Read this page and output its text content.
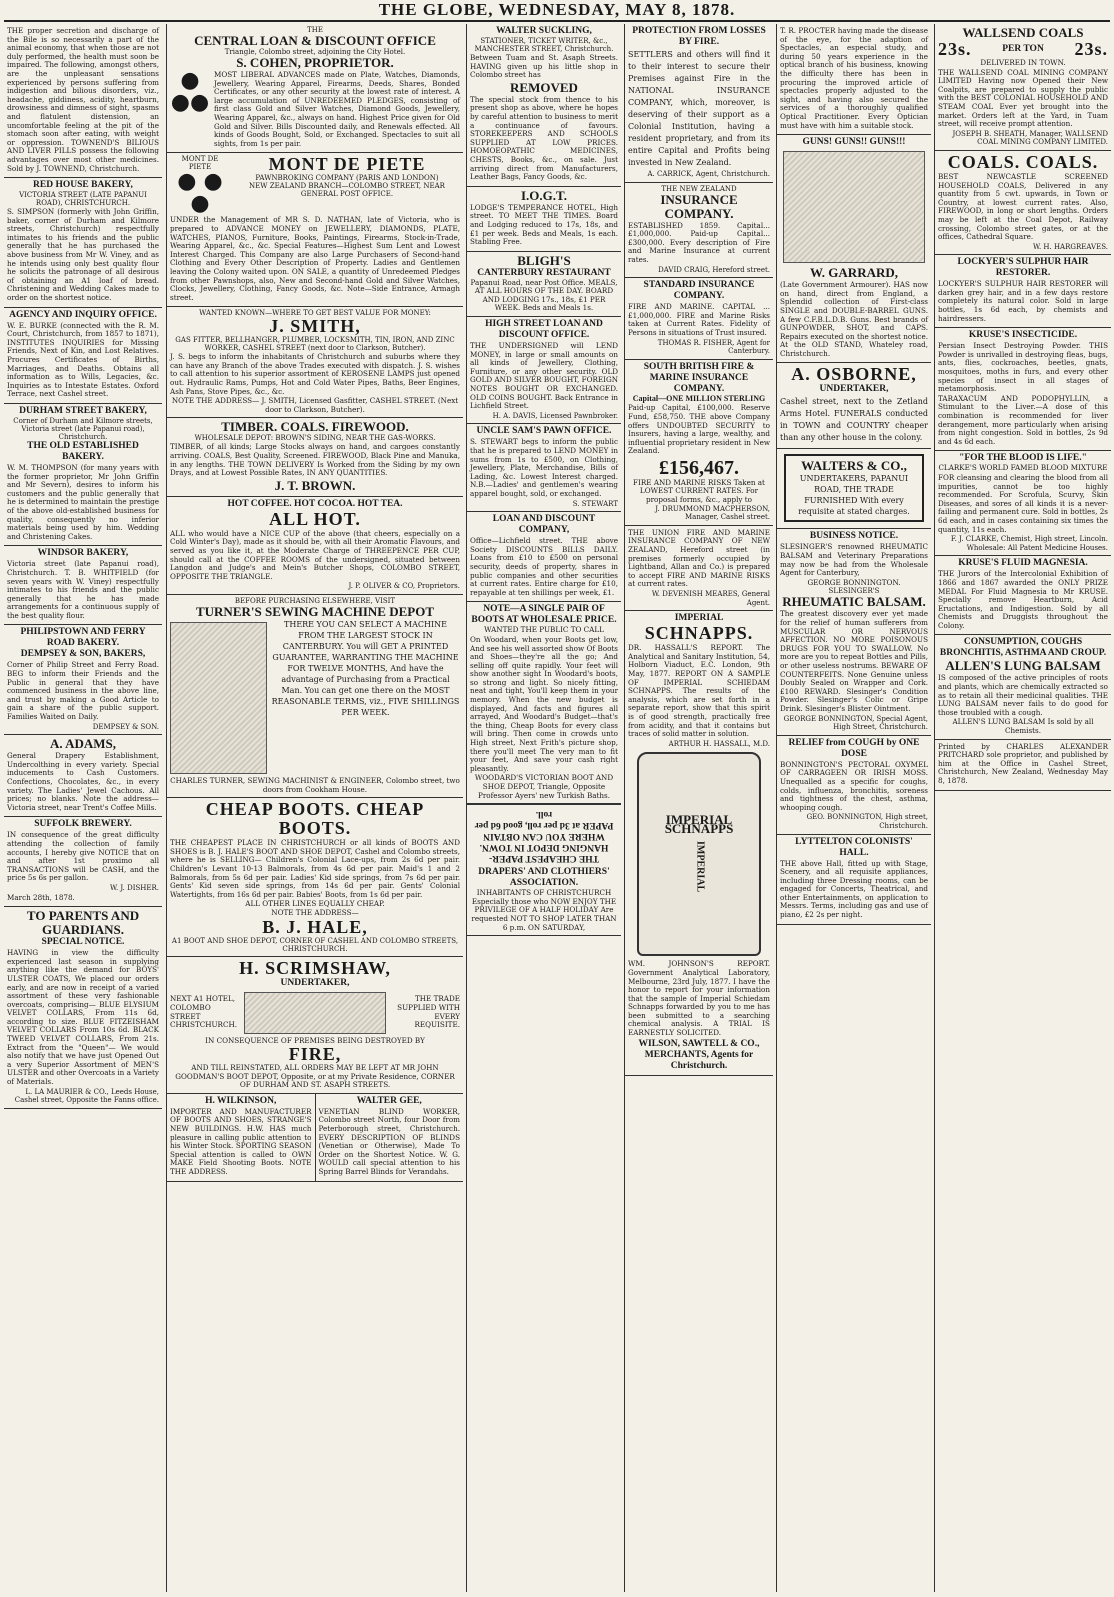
THE GLOBE, WEDNESDAY, MAY 8, 1878.
THE proper secretion and discharge of the Bile is so necessarily a part of the animal economy, that when those are not duly performed, the health must soon be impaired. The following, amongst others, are the unpleasant sensations experienced by persons suffering from indigestion and bilious disorders, viz., headache, giddiness, acidity, heartburn, drowsiness and dimness of sight, spasms and flatulent distension, an uncomfortable feeling at the pit of the stomach soon after eating, with weight or oppression. TOWNEND'S BILIOUS AND LIVER PILLS possess the following advantages over most other medicines. Sold by J. TOWNEND, Christchurch.
RED HOUSE BAKERY,
VICTORIA STREET (LATE PAPANUI ROAD), CHRISTCHURCH.
S. SIMPSON (formerly with John Griffin, baker, corner of Durham and Kilmore streets, Christchurch) respectfully intimates to his friends and the public generally that he has purchased the above business from Mr W. Viney, and as he intends using only best quality flour he solicits the patronage of all desirous of obtaining an A1 loaf of bread. Christening and Wedding Cakes made to order on the shortest notice.
AGENCY AND INQUIRY OFFICE.
W. E. BURKE (connected with the R. M. Court, Christchurch, from 1857 to 1871), INSTITUTES INQUIRIES for Missing Friends, Next of Kin, and Lost Relatives. Procures Certificates of Births, Marriages, and Deaths. Obtains all information as to Wills, Legacies, &c. Inquiries as to Intestate Estates. Oxford Terrace, next Cashel street.
DURHAM STREET BAKERY,
Corner of Durham and Kilmore streets, Victoria street (late Papanui road), Christchurch.
THE OLD ESTABLISHED BAKERY.
W. M. THOMPSON (for many years with the former proprietor, Mr John Griffin and Mr Severn), desires to inform his customers and the public generally that he is determined to maintain the prestige of the above old-established business for quality, consequently no inferior materials being used by him. Wedding and Christening Cakes.
WINDSOR BAKERY,
Victoria street (late Papanui road), Christchurch. T. B. WHITFIELD (for seven years with W. Viney) respectfully intimates to his friends and the public generally that he has made arrangements for a continuous supply of the best quality flour.
PHILIPSTOWN AND FERRY ROAD BAKERY.
DEMPSEY & SON, BAKERS,
Corner of Philip Street and Ferry Road. BEG to inform their Friends and the Public in general that they have commenced business in the above line, and trust by making a Good Article to gain a share of the public support. Families Waited on Daily.
DEMPSEY & SON.
A. ADAMS,
General Drapery Establishment, Undercolthing in every variety. Special inducements to Cash Customers. Confections, Chocolates, &c., in every variety. The Ladies' Jewel Cachous. All prices; no blanks. Note the address—Victoria street, near Trent's Coffee Mills.
SUFFOLK BREWERY.
IN consequence of the great difficulty attending the collection of family accounts, I hereby give NOTICE that on and after 1st proximo all TRANSACTIONS will be CASH, and the price 5s 6s per gallon.
W. J. DISHER.
March 28th, 1878.
TO PARENTS AND GUARDIANS.
SPECIAL NOTICE.
HAVING in view the difficulty experienced last season in supplying anything like the demand for BOYS' ULSTER COATS, We placed our orders early, and are now in receipt of a varied assortment of these very fashionable overcoats, comprising— BLUE ELYSIUM VELVET COLLARS, From 11s 6d, according to size. BLUE FITZEISHAM VELVET COLLARS From 10s 6d. BLACK TWEED VELVET COLLARS, From 21s. Extract from the "Queen"— We would also notify that we have just Opened Out a very Superior Assortment of MEN'S ULSTER and other Overcoats in a Variety of Materials.
L. LA MAURIER & CO., Leeds House, Cashel street, Opposite the Fanns office.
THE
CENTRAL LOAN & DISCOUNT OFFICE
Triangle, Colombo street, adjoining the City Hotel.
S. COHEN, PROPRIETOR.
●
●●
MOST LIBERAL ADVANCES made on Plate, Watches, Diamonds, Jewellery, Wearing Apparel, Firearms, Deeds, Shares, Bonded Certificates, or any other security at the lowest rate of interest. A large accumulation of UNREDEEMED PLEDGES, consisting of first class Gold and Silver Watches, Diamond Goods, Jewellery, Wearing Apparel, &c., always on hand. Highest Price given for Old Gold and Silver. Bills Discounted daily, and Renewals effected. All kinds of Goods Bought, Sold, or Exchanged. Spectacles to suit all sights, from 1s per pair.
MONT DE PIETE
● ● ●
MONT DE PIETE
PAWNBROKING COMPANY (PARIS AND LONDON)
NEW ZEALAND BRANCH—COLOMBO STREET, NEAR GENERAL POST OFFICE.
UNDER the Management of MR S. D. NATHAN, late of Victoria, who is prepared to ADVANCE MONEY on JEWELLERY, DIAMONDS, PLATE, WATCHES, PIANOS, Furniture, Books, Paintings, Firearms, Stock-in-Trade, Wearing Apparel, &c., &c. Special Features—Highest Sum Lent and Lowest Interest Charged. This Company are also Large Purchasers of Second-hand Clothing and Every Other Description of Property. Ladies and Gentlemen leaving the Colony waited upon. ON SALE, a quantity of Unredeemed Pledges from other Pawnshops, also, New and Second-hand Gold and Silver Watches, Clocks, Jewellery, Clothing, Fancy Goods, &c. Note—Side Entrance, Armagh street.
WANTED KNOWN—WHERE TO GET BEST VALUE FOR MONEY:
J. SMITH,
GAS FITTER, BELLHANGER, PLUMBER, LOCKSMITH, TIN, IRON, AND ZINC WORKER, CASHEL STREET (next door to Clarkson, Butcher).
J. S. begs to inform the inhabitants of Christchurch and suburbs where they can have any Branch of the above Trades executed with dispatch. J. S. wishes to call attention to his superior assortment of KEROSENE LAMPS just opened out. Hydraulic Rams, Pumps, Hot and Cold Water Pipes, Baths, Beer Engines, Ash Pans, Stove Pipes, &c., &c.
NOTE THE ADDRESS— J. SMITH, Licensed Gasfitter, CASHEL STREET. (Next door to Clarkson, Butcher).
TIMBER. COALS. FIREWOOD.
WHOLESALE DEPOT: BROWN'S SIDING, NEAR THE GAS-WORKS.
TIMBER, of all kinds; Large Stocks always on hand, and cargoes constantly arriving. COALS, Best Quality, Screened. FIREWOOD, Black Pine and Manuka, in any lengths. THE TOWN DELIVERY Is Worked from the Siding by my own Drays, and at Lowest Possible Rates, IN ANY QUANTITIES.
J. T. BROWN.
HOT COFFEE. HOT COCOA. HOT TEA.
ALL HOT.
ALL who would have a NICE CUP of the above (that cheers, especially on a Cold Winter's Day), made as it should be, with all their Aromatic Flavours, and served as you like it, at the Moderate Charge of THREEPENCE PER CUP, should call at the COFFEE ROOMS of the undersigned, situated between Langdon and Judge's and Mein's Butcher Shops, COLOMBO STREET, OPPOSITE THE TRIANGLE.
J. P. OLIVER & CO, Proprietors.
BEFORE PURCHASING ELSEWHERE, VISIT
TURNER'S SEWING MACHINE DEPOT
THERE YOU CAN SELECT A MACHINE FROM THE LARGEST STOCK IN CANTERBURY. You will GET A PRINTED GUARANTEE, WARRANTING THE MACHINE FOR TWELVE MONTHS, And have the advantage of Purchasing from a Practical Man. You can get one there on the MOST REASONABLE TERMS, viz., FIVE SHILLINGS PER WEEK.
CHARLES TURNER, SEWING MACHINIST & ENGINEER, Colombo street, two doors from Cookham House.
CHEAP BOOTS. CHEAP BOOTS.
THE CHEAPEST PLACE IN CHRISTCHURCH or all kinds of BOOTS AND SHOES is B. J. HALE'S BOOT AND SHOE DEPOT, Cashel and Colombo streets, where he is SELLING— Children's Colonial Lace-ups, from 2s 6d per pair. Children's Levant 10-13 Balmorals, from 4s 6d per pair. Maid's 1 and 2 Balmorals, from 5s 6d per pair. Ladies' Kid side springs, from 7s 6d per pair. Gents' Kid seven side springs, from 14s 6d per pair. Gents' Colonial Watertights, from 16s 6d per pair. Babies' Boots, from 1s 6d per pair.
ALL OTHER LINES EQUALLY CHEAP.
NOTE THE ADDRESS—
B. J. HALE,
A1 BOOT AND SHOE DEPOT, CORNER OF CASHEL AND COLOMBO STREETS, CHRISTCHURCH.
H. SCRIMSHAW,
UNDERTAKER,
NEXT A1 HOTEL, COLOMBO STREET CHRISTCHURCH.
THE TRADE SUPPLIED WITH EVERY REQUISITE.
IN CONSEQUENCE OF PREMISES BEING DESTROYED BY
FIRE,
AND TILL REINSTATED, ALL ORDERS MAY BE LEFT AT MR JOHN GOODMAN'S BOOT DEPOT, Opposite, or at my Private Residence, CORNER OF DURHAM AND ST. ASAPH STREETS.
H. WILKINSON,
IMPORTER AND MANUFACTURER OF BOOTS AND SHOES, STRANGE'S NEW BUILDINGS. H.W. HAS much pleasure in calling public attention to his Winter Stock. SPORTING SEASON Special attention is called to OWN MAKE Field Shooting Boots. NOTE THE ADDRESS.
WALTER GEE,
VENETIAN BLIND WORKER, Colombo street North, four Door from Peterborough street, Christchurch. EVERY DESCRIPTION OF BLINDS (Venetian or Otherwise), Made To Order on the Shortest Notice. W. G. WOULD call special attention to his Spring Barrel Blinds for Verandahs.
WALTER SUCKLING,
STATIONER, TICKET WRITER, &c., MANCHESTER STREET, Christchurch.
Between Tuam and St. Asaph Streets. HAVING given up his little shop in Colombo street has
REMOVED
The special stock from thence to his present shop as above, where he hopes by careful attention to business to merit a continuance of favours. STOREKEEPERS AND SCHOOLS SUPPLIED AT LOW PRICES. HOMOEOPATHIC MEDICINES, CHESTS, Books, &c., on sale. Just arriving direct from Manufacturers, Leather Bags, Fancy Goods, &c.
I.O.G.T.
LODGE'S TEMPERANCE HOTEL, High street. TO MEET THE TIMES. Board and Lodging reduced to 17s, 18s, and £1 per week. Beds and Meals, 1s each. Stabling Free.
BLIGH'S
CANTERBURY RESTAURANT
Papanui Road, near Post Office. MEALS, AT ALL HOURS OF THE DAY. BOARD AND LODGING 17s., 18s, £1 PER WEEK. Beds and Meals 1s.
HIGH STREET LOAN AND DISCOUNT OFFICE.
THE UNDERSIGNED will LEND MONEY, in large or small amounts on all kinds of Jewellery, Clothing, Furniture, or any other security. OLD GOLD AND SILVER BOUGHT, FOREIGN NOTES BOUGHT OR EXCHANGED. OLD COINS BOUGHT. Back Entrance in Lichfield Street.
H. A. DAVIS, Licensed Pawnbroker.
UNCLE SAM'S PAWN OFFICE.
S. STEWART begs to inform the public that he is prepared to LEND MONEY in sums from 1s to £500, on Clothing, Jewellery, Plate, Merchandise, Bills of Lading, &c. Lowest Interest charged. N.B.—Ladies' and gentlemen's wearing apparel bought, sold, or exchanged.
S. STEWART
LOAN AND DISCOUNT COMPANY,
Office—Lichfield street. THE above Society DISCOUNTS BILLS DAILY. Loans from £10 to £500 on personal security, deeds of property, shares in public companies and other securities at current rates. Entire charge for £10, repayable at ten shillings per week, £1.
NOTE—A SINGLE PAIR OF BOOTS AT WHOLESALE PRICE.
WANTED THE PUBLIC TO CALL
On Woodard, when your Boots get low, And see his well assorted show Of Boots and Shoes—they're all the go; And selling off quite rapidly. Your feet will show another sight In Woodard's boots, so strong and light. So nicely fitting, neat and tight, You'll keep them in your memory. When the new budget is displayed, And facts and figures all arrayed, And Woodard's Budget—that's the thing, Cheap Boots for every class will bring. Then come in crowds unto High street, Next Frith's picture shop, there you'll meet The very man to fit your feet, And save your cash right pleasantly.
WOODARD'S VICTORIAN BOOT AND SHOE DEPOT, Triangle, Opposite Professor Ayers' new Turkish Baths.
THE CHEAPEST PAPER-HANGING DEPOT IN TOWN. WHERE YOU CAN OBTAIN PAPER at 3d per roll, good 6d per roll.
DRAPERS' AND CLOTHIERS' ASSOCIATION.
INHABITANTS OF CHRISTCHURCH Especially those who NOW ENJOY THE PRIVILEGE OF A HALF HOLIDAY Are requested NOT TO SHOP LATER THAN 6 p.m. ON SATURDAY,
PROTECTION FROM LOSSES BY FIRE.
SETTLERS and others will find it to their interest to secure their Premises against Fire in the NATIONAL INSURANCE COMPANY, which, moreover, is deserving of their support as a Colonial Institution, having a resident proprietary, and from its entire Capital and Profits being invested in New Zealand.
A. CARRICK, Agent, Christchurch.
THE NEW ZEALAND
INSURANCE COMPANY.
ESTABLISHED 1859. Capital... £1,000,000. Paid-up Capital... £300,000. Every description of Fire and Marine Insurance at current rates.
DAVID CRAIG, Hereford street.
STANDARD INSURANCE COMPANY.
FIRE AND MARINE. CAPITAL ... £1,000,000. FIRE and Marine Risks taken at Current Rates. Fidelity of Persons in situations of Trust insured.
THOMAS R. FISHER, Agent for Canterbury.
SOUTH BRITISH FIRE & MARINE INSURANCE COMPANY.
Capital—ONE MILLION STERLING
Paid-up Capital, £100,000. Reserve Fund, £58,750. THE above Company offers UNDOUBTED SECURITY to Insurers, having a large, wealthy, and influential proprietary resident in New Zealand.
£156,467.
FIRE AND MARINE RISKS Taken at LOWEST CURRENT RATES. For proposal forms, &c., apply to
J. DRUMMOND MACPHERSON, Manager, Cashel street.
THE UNION FIRE AND MARINE INSURANCE COMPANY OF NEW ZEALAND, Hereford street (in premises formerly occupied by Lightband, Allan and Co.) is prepared to accept FIRE AND MARINE RISKS at current rates.
W. DEVENISH MEARES, General Agent.
IMPERIAL
SCHNAPPS.
DR. HASSALL'S REPORT. The Analytical and Sanitary Institution, 54, Holborn Viaduct, E.C. London, 9th May, 1877. REPORT ON A SAMPLE OF IMPERIAL SCHIEDAM SCHNAPPS. The results of the analysis, which are set forth in a separate report, show that this spirit is of good strength, practically free from acidity, and that it contains but traces of solid matter in solution.
ARTHUR H. HASSALL, M.D.
IMPERIAL SCHNAPPS
IMPERIAL
WM. JOHNSON'S REPORT. Government Analytical Laboratory, Melbourne, 23rd July, 1877. I have the honor to report for your information that the sample of Imperial Schiedam Schnapps forwarded by you to me has been submitted to a searching chemical analysis. A TRIAL IS EARNESTLY SOLICITED.
WILSON, SAWTELL & CO., MERCHANTS, Agents for Christchurch.
T. R. PROCTER having made the disease of the eye, for the adaption of Spectacles, an especial study, and during 50 years experience in the optical branch of his business, knowing the difficulty there has been in procuring the improved article of spectacles properly adjusted to the sight, and having also secured the services of a thoroughly qualified Optical Practitioner. Every Optician must have with him a suitable stock.
GUNS! GUNS!! GUNS!!!
W. GARRARD,
(Late Government Armourer). HAS now on hand, direct from England, a Splendid collection of First-class SINGLE and DOUBLE-BARREL GUNS. A few C.F.B.L.D.B. Guns. Best brands of GUNPOWDER, SHOT, and CAPS. Repairs executed on the shortest notice. At the OLD STAND, Whateley road, Christchurch.
A. OSBORNE,
UNDERTAKER,
Cashel street, next to the Zetland Arms Hotel. FUNERALS conducted in TOWN and COUNTRY cheaper than any other house in the colony.
WALTERS & CO.,
UNDERTAKERS, PAPANUI ROAD, THE TRADE FURNISHED With every requisite at stated charges.
BUSINESS NOTICE.
SLESINGER'S renowned RHEUMATIC BALSAM and Veterinary Preparations may now be had from the Wholesale Agent for Canterbury,
GEORGE BONNINGTON.
SLESINGER'S
RHEUMATIC BALSAM.
The greatest discovery ever yet made for the relief of human sufferers from MUSCULAR OR NERVOUS AFFECTION. NO MORE POISONOUS DRUGS FOR YOU TO SWALLOW. No more are you to repeat Bottles and Pills, or other useless nostrums. BEWARE OF COUNTERFEITS. None Genuine unless Doubly Sealed on Wrapper and Cork. £100 REWARD. Slesinger's Condition Powder. Slesinger's Colic or Gripe Drink. Slesinger's Blister Ointment.
GEORGE BONNINGTON, Special Agent, High Street, Christchurch.
RELIEF from COUGH by ONE DOSE
BONNINGTON'S PECTORAL OXYMEL OF CARRAGEEN OR IRISH MOSS. Unequalled as a specific for coughs, colds, influenza, bronchitis, soreness and tightness of the chest, asthma, whooping cough.
GEO. BONNINGTON, High street, Christchurch.
LYTTELTON COLONISTS' HALL.
THE above Hall, fitted up with Stage, Scenery, and all requisite appliances, including three Dressing rooms, can be engaged for Concerts, Theatrical, and other Entertainments, on application to Messrs. Terms, including gas and use of piano, £2 2s per night.
WALLSEND COALS
23s.	PER TON 23s.
DELIVERED IN TOWN.
THE WALLSEND COAL MINING COMPANY LIMITED Having now Opened their New Coalpits, are prepared to supply the public with the BEST COLONIAL HOUSEHOLD AND STEAM COAL Ever yet brought into the market. Orders left at the Yard, in Tuam street, will receive prompt attention.
JOSEPH B. SHEATH, Manager, WALLSEND COAL MINING COMPANY LIMITED.
COALS. COALS.
BEST NEWCASTLE SCREENED HOUSEHOLD COALS, Delivered in any quantity from 5 cwt. upwards, in Town or Country, at lowest current rates. Also, FIREWOOD, in long or short lengths. Orders may be left at the Coal Depot, Railway crossing, Colombo street gates, or at the offices, Cathedral Square.
W. H. HARGREAVES.
LOCKYER'S SULPHUR HAIR RESTORER.
LOCKYER'S SULPHUR HAIR RESTORER will darken grey hair, and in a few days restore completely its natural color. Sold in large bottles, 1s 6d each, by chemists and hairdressers.
KRUSE'S INSECTICIDE.
Persian Insect Destroying Powder. THIS Powder is unrivalled in destroying fleas, bugs, ants, flies, cockroaches, beetles, gnats, mosquitoes, moths in furs, and every other species of insect in all stages of metamorphosis.
TARAXACUM AND PODOPHYLLIN, a Stimulant to the Liver.—A dose of this combination is recommended for liver derangement, more particularly when arising from night congestion. Sold in bottles, 2s 9d and 4s 6d each.
"FOR THE BLOOD IS LIFE."
CLARKE'S WORLD FAMED BLOOD MIXTURE
FOR cleansing and clearing the blood from all impurities, cannot be too highly recommended. For Scrofula, Scurvy, Skin Diseases, and sores of all kinds it is a never-failing and permanent cure. Sold in bottles, 2s 6d each, and in cases containing six times the quantity, 11s each.
F. J. CLARKE, Chemist, High street, Lincoln. Wholesale: All Patent Medicine Houses.
KRUSE'S FLUID MAGNESIA.
THE Jurors of the Intercolonial Exhibition of 1866 and 1867 awarded the ONLY PRIZE MEDAL For Fluid Magnesia to Mr KRUSE. Specially remove Heartburn, Acid Eructations, and Indigestion. Sold by all Chemists and Druggists throughout the Colony.
CONSUMPTION, COUGHS BRONCHITIS, ASTHMA AND CROUP.
ALLEN'S LUNG BALSAM
IS composed of the active principles of roots and plants, which are chemically extracted so as to retain all their medicinal qualities. THE LUNG BALSAM never fails to do good for those troubled with a cough.
ALLEN'S LUNG BALSAM Is sold by all Chemists.
Printed by CHARLES ALEXANDER PRITCHARD sole proprietor, and published by him at the Office in Cashel Street, Christchurch, New Zealand, Wednesday May 8, 1878.
